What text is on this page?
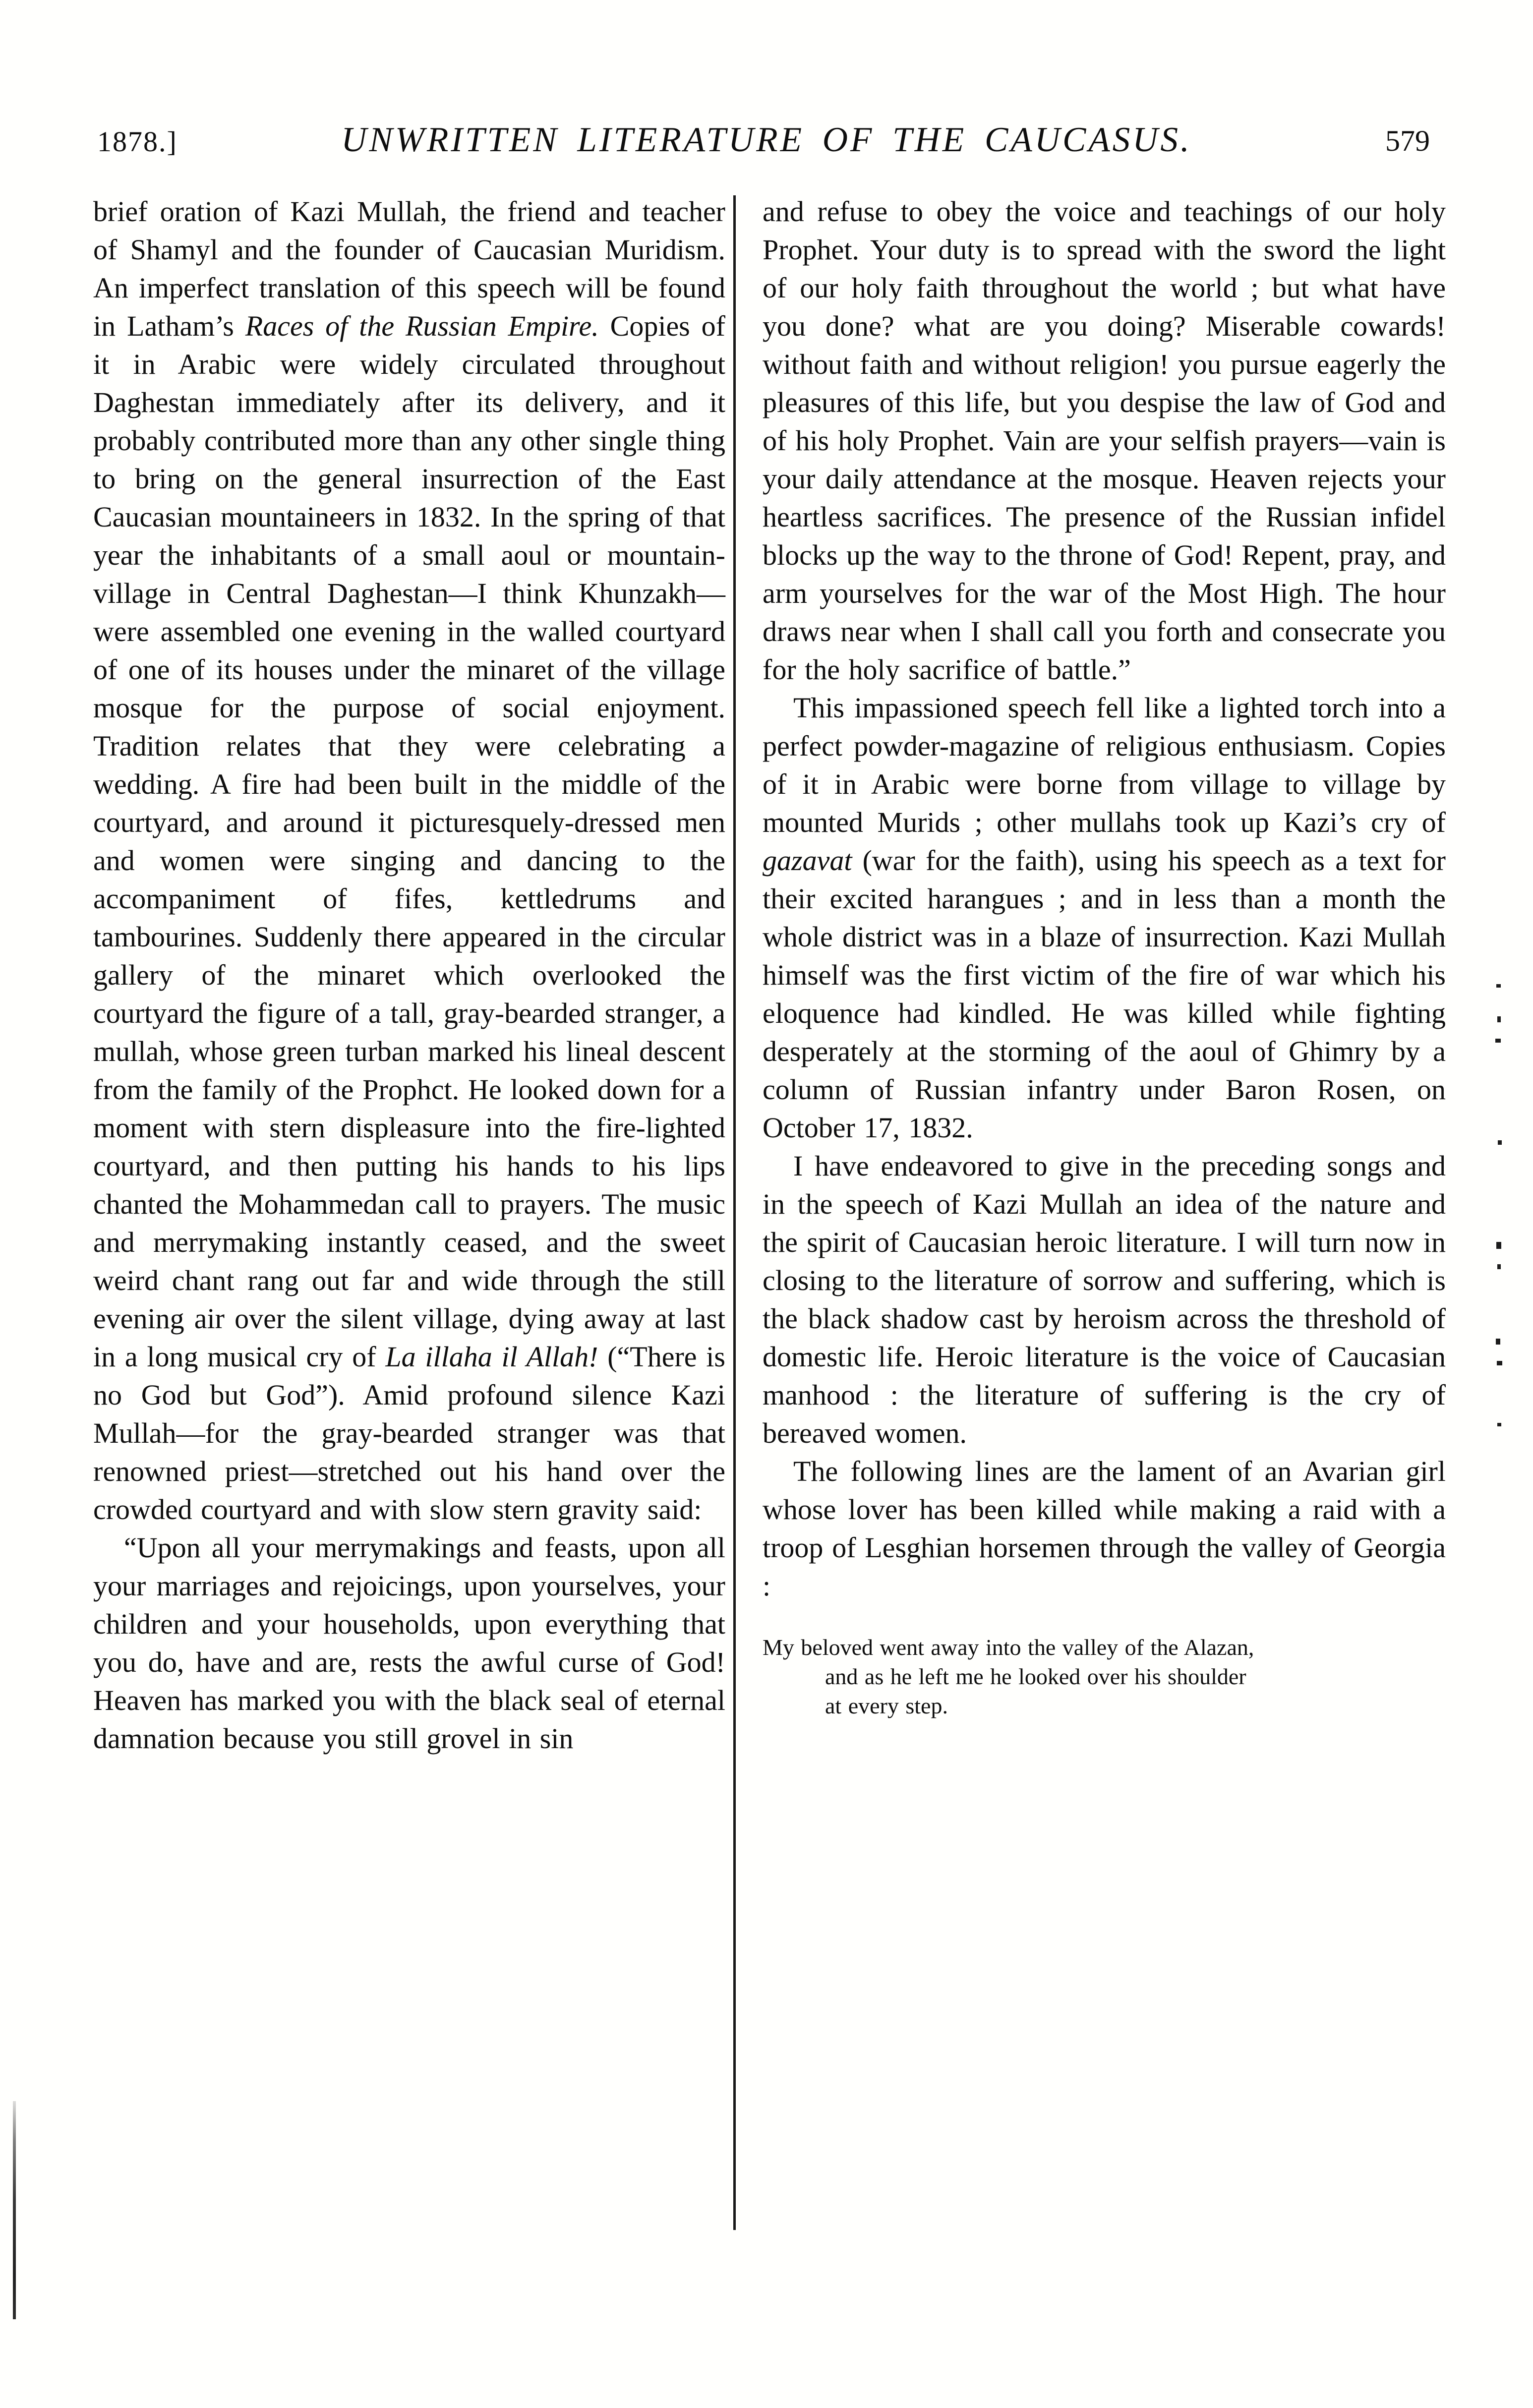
1878.]	UNWRITTEN LITERATURE OF THE CAUCASUS.	579

brief oration of Kazi Mullah, the friend and teacher of Shamyl and the founder of Caucasian Muridism. An imperfect translation of this speech will be found in Latham’s Races of the Russian Empire. Copies of it in Arabic were widely circulated throughout Daghestan immediately after its delivery, and it probably contributed more than any other single thing to bring on the general insurrection of the East Caucasian mountaineers in 1832. In the spring of that year the inhabitants of a small aoul or mountain-village in Central Daghestan—I think Khunzakh—were assembled one evening in the walled courtyard of one of its houses under the minaret of the village mosque for the purpose of social enjoyment. Tradition relates that they were celebrating a wedding. A fire had been built in the middle of the courtyard, and around it picturesquely-dressed men and women were singing and dancing to the accompaniment of fifes, kettledrums and tambourines. Suddenly there appeared in the circular gallery of the minaret which overlooked the courtyard the figure of a tall, gray-bearded stranger, a mullah, whose green turban marked his lineal descent from the family of the Prophct. He looked down for a moment with stern displeasure into the fire-lighted courtyard, and then putting his hands to his lips chanted the Mohammedan call to prayers. The music and merrymaking instantly ceased, and the sweet weird chant rang out far and wide through the still evening air over the silent village, dying away at last in a long musical cry of La illaha il Allah! (“There is no God but God”). Amid profound silence Kazi Mullah—for the gray-bearded stranger was that renowned priest—stretched out his hand over the crowded courtyard and with slow stern gravity said:

“Upon all your merrymakings and feasts, upon all your marriages and rejoicings, upon yourselves, your children and your households, upon everything that you do, have and are, rests the awful curse of God! Heaven has marked you with the black seal of eternal damnation because you still grovel in sin

and refuse to obey the voice and teachings of our holy Prophet. Your duty is to spread with the sword the light of our holy faith throughout the world ; but what have you done? what are you doing? Miserable cowards! without faith and without religion! you pursue eagerly the pleasures of this life, but you despise the law of God and of his holy Prophet. Vain are your selfish prayers—vain is your daily attendance at the mosque. Heaven rejects your heartless sacrifices. The presence of the Russian infidel blocks up the way to the throne of God! Repent, pray, and arm yourselves for the war of the Most High. The hour draws near when I shall call you forth and consecrate you for the holy sacrifice of battle.”

This impassioned speech fell like a lighted torch into a perfect powder-magazine of religious enthusiasm. Copies of it in Arabic were borne from village to village by mounted Murids ; other mullahs took up Kazi’s cry of gazavat (war for the faith), using his speech as a text for their excited harangues ; and in less than a month the whole district was in a blaze of insurrection. Kazi Mullah himself was the first victim of the fire of war which his eloquence had kindled. He was killed while fighting desperately at the storming of the aoul of Ghimry by a column of Russian infantry under Baron Rosen, on October 17, 1832.

I have endeavored to give in the preceding songs and in the speech of Kazi Mullah an idea of the nature and the spirit of Caucasian heroic literature. I will turn now in closing to the literature of sorrow and suffering, which is the black shadow cast by heroism across the threshold of domestic life. Heroic literature is the voice of Caucasian manhood : the literature of suffering is the cry of bereaved women.

The following lines are the lament of an Avarian girl whose lover has been killed while making a raid with a troop of Lesghian horsemen through the valley of Georgia :

My beloved went away into the valley of the Alazan,
and as he left me he looked over his shoulder
at every step.
